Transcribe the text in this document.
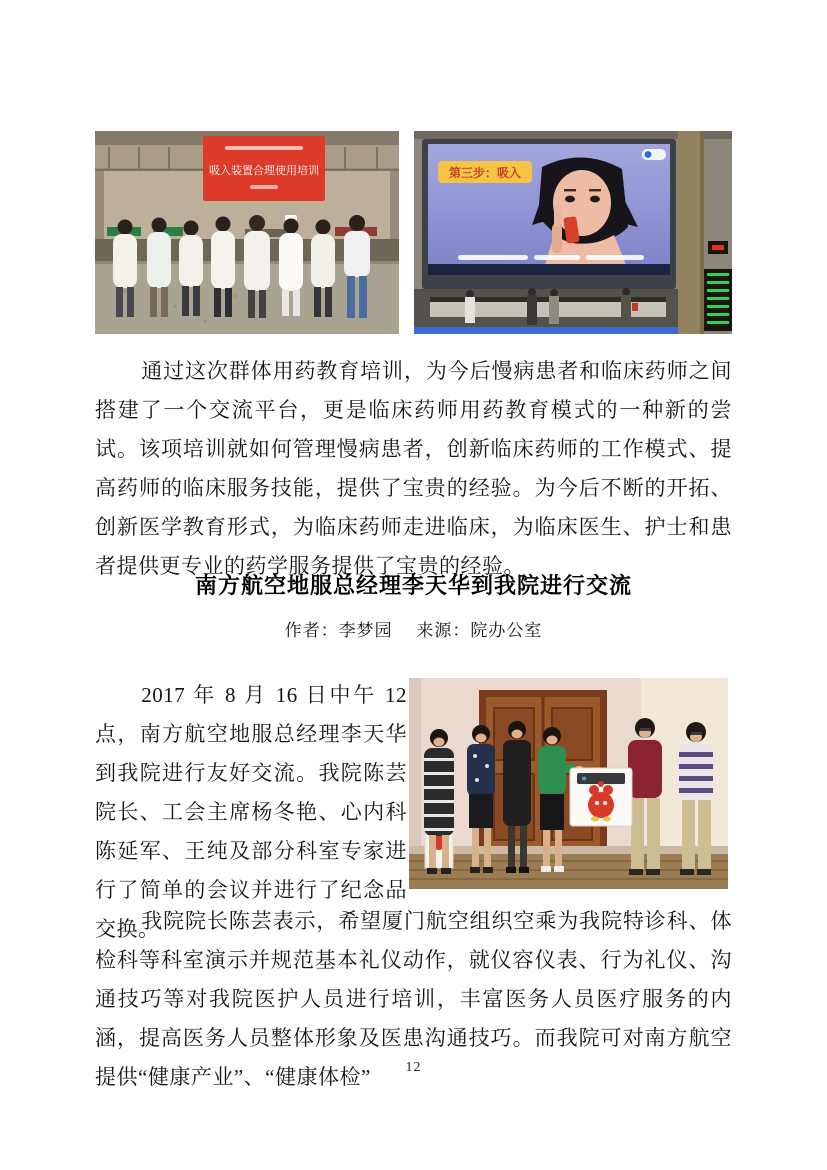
吸入装置合理使用培训	第三步：吸入

通过这次群体用药教育培训，为今后慢病患者和临床药师之间搭建了一个交流平台，更是临床药师用药教育模式的一种新的尝试。该项培训就如何管理慢病患者，创新临床药师的工作模式、提高药师的临床服务技能，提供了宝贵的经验。为今后不断的开拓、创新医学教育形式，为临床药师走进临床，为临床医生、护士和患者提供更专业的药学服务提供了宝贵的经验。

南方航空地服总经理李天华到我院进行交流
作者：李梦园 来源：院办公室

2017 年 8 月 16 日中午 12 点，南方航空地服总经理李天华到我院进行友好交流。我院陈芸院长、工会主席杨冬艳、心内科陈延军、王纯及部分科室专家进行了简单的会议并进行了纪念品交换。

我院院长陈芸表示，希望厦门航空组织空乘为我院特诊科、体检科等科室演示并规范基本礼仪动作，就仪容仪表、行为礼仪、沟通技巧等对我院医护人员进行培训，丰富医务人员医疗服务的内涵，提高医务人员整体形象及医患沟通技巧。而我院可对南方航空提供“健康产业”、“健康体检”	12
